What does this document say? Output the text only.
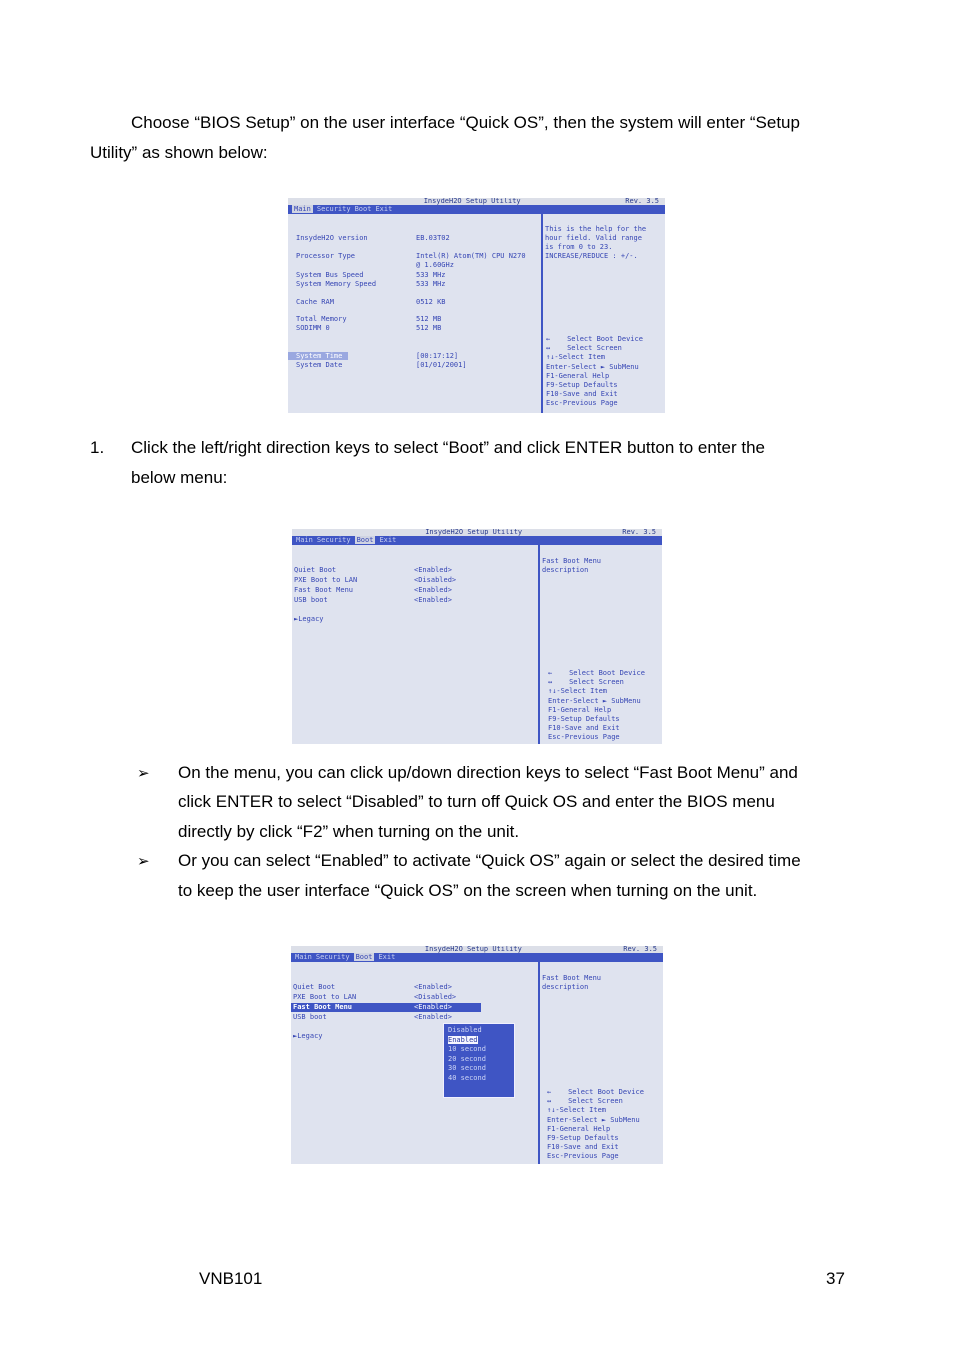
Choose “BIOS Setup” on the user interface “Quick OS”, then the system will enter “Setup
Utility” as shown below:
InsydeH2O Setup Utility	Rev. 3.5
Main Security Boot Exit
InsydeH2O version	EB.03T02
Processor Type	Intel(R) Atom(TM) CPU N270
@ 1.60GHz
System Bus Speed	533 MHz
System Memory Speed	533 MHz
Cache RAM	0512 KB
Total Memory	512 MB
SODIMM 0	512 MB
System Time	[00:17:12]
System Date	[01/01/2001]
This is the help for the
hour field. Valid range
is from 0 to 23.
INCREASE/REDUCE : +/-.
←    Select Boot Device
↔    Select Screen
↑↓-Select Item
Enter-Select ► SubMenu
F1-General Help
F9-Setup Defaults
F10-Save and Exit
Esc-Previous Page
1. Click the left/right direction keys to select “Boot” and click ENTER button to enter the
below menu:
InsydeH2O Setup Utility	Rev. 3.5
Main Security Boot Exit
Quiet Boot	<Enabled>
PXE Boot to LAN	<Disabled>
Fast Boot Menu	<Enabled>
USB boot	<Enabled>
►Legacy
Fast Boot Menu
description
←    Select Boot Device
↔    Select Screen
↑↓-Select Item
Enter-Select ► SubMenu
F1-General Help
F9-Setup Defaults
F10-Save and Exit
Esc-Previous Page
➢ On the menu, you can click up/down direction keys to select “Fast Boot Menu” and
click ENTER to select “Disabled” to turn off Quick OS and enter the BIOS menu
directly by click “F2” when turning on the unit.
➢ Or you can select “Enabled” to activate “Quick OS” again or select the desired time
to keep the user interface “Quick OS” on the screen when turning on the unit.
InsydeH2O Setup Utility	Rev. 3.5
Main Security Boot Exit
Quiet Boot	<Enabled>
PXE Boot to LAN	<Disabled>
Fast Boot Menu	<Enabled>
USB boot	<Enabled>
►Legacy
Disabled
Enabled
10 second
20 second
30 second
40 second
Fast Boot Menu
description
←    Select Boot Device
↔    Select Screen
↑↓-Select Item
Enter-Select ► SubMenu
F1-General Help
F9-Setup Defaults
F10-Save and Exit
Esc-Previous Page
VNB101	37
